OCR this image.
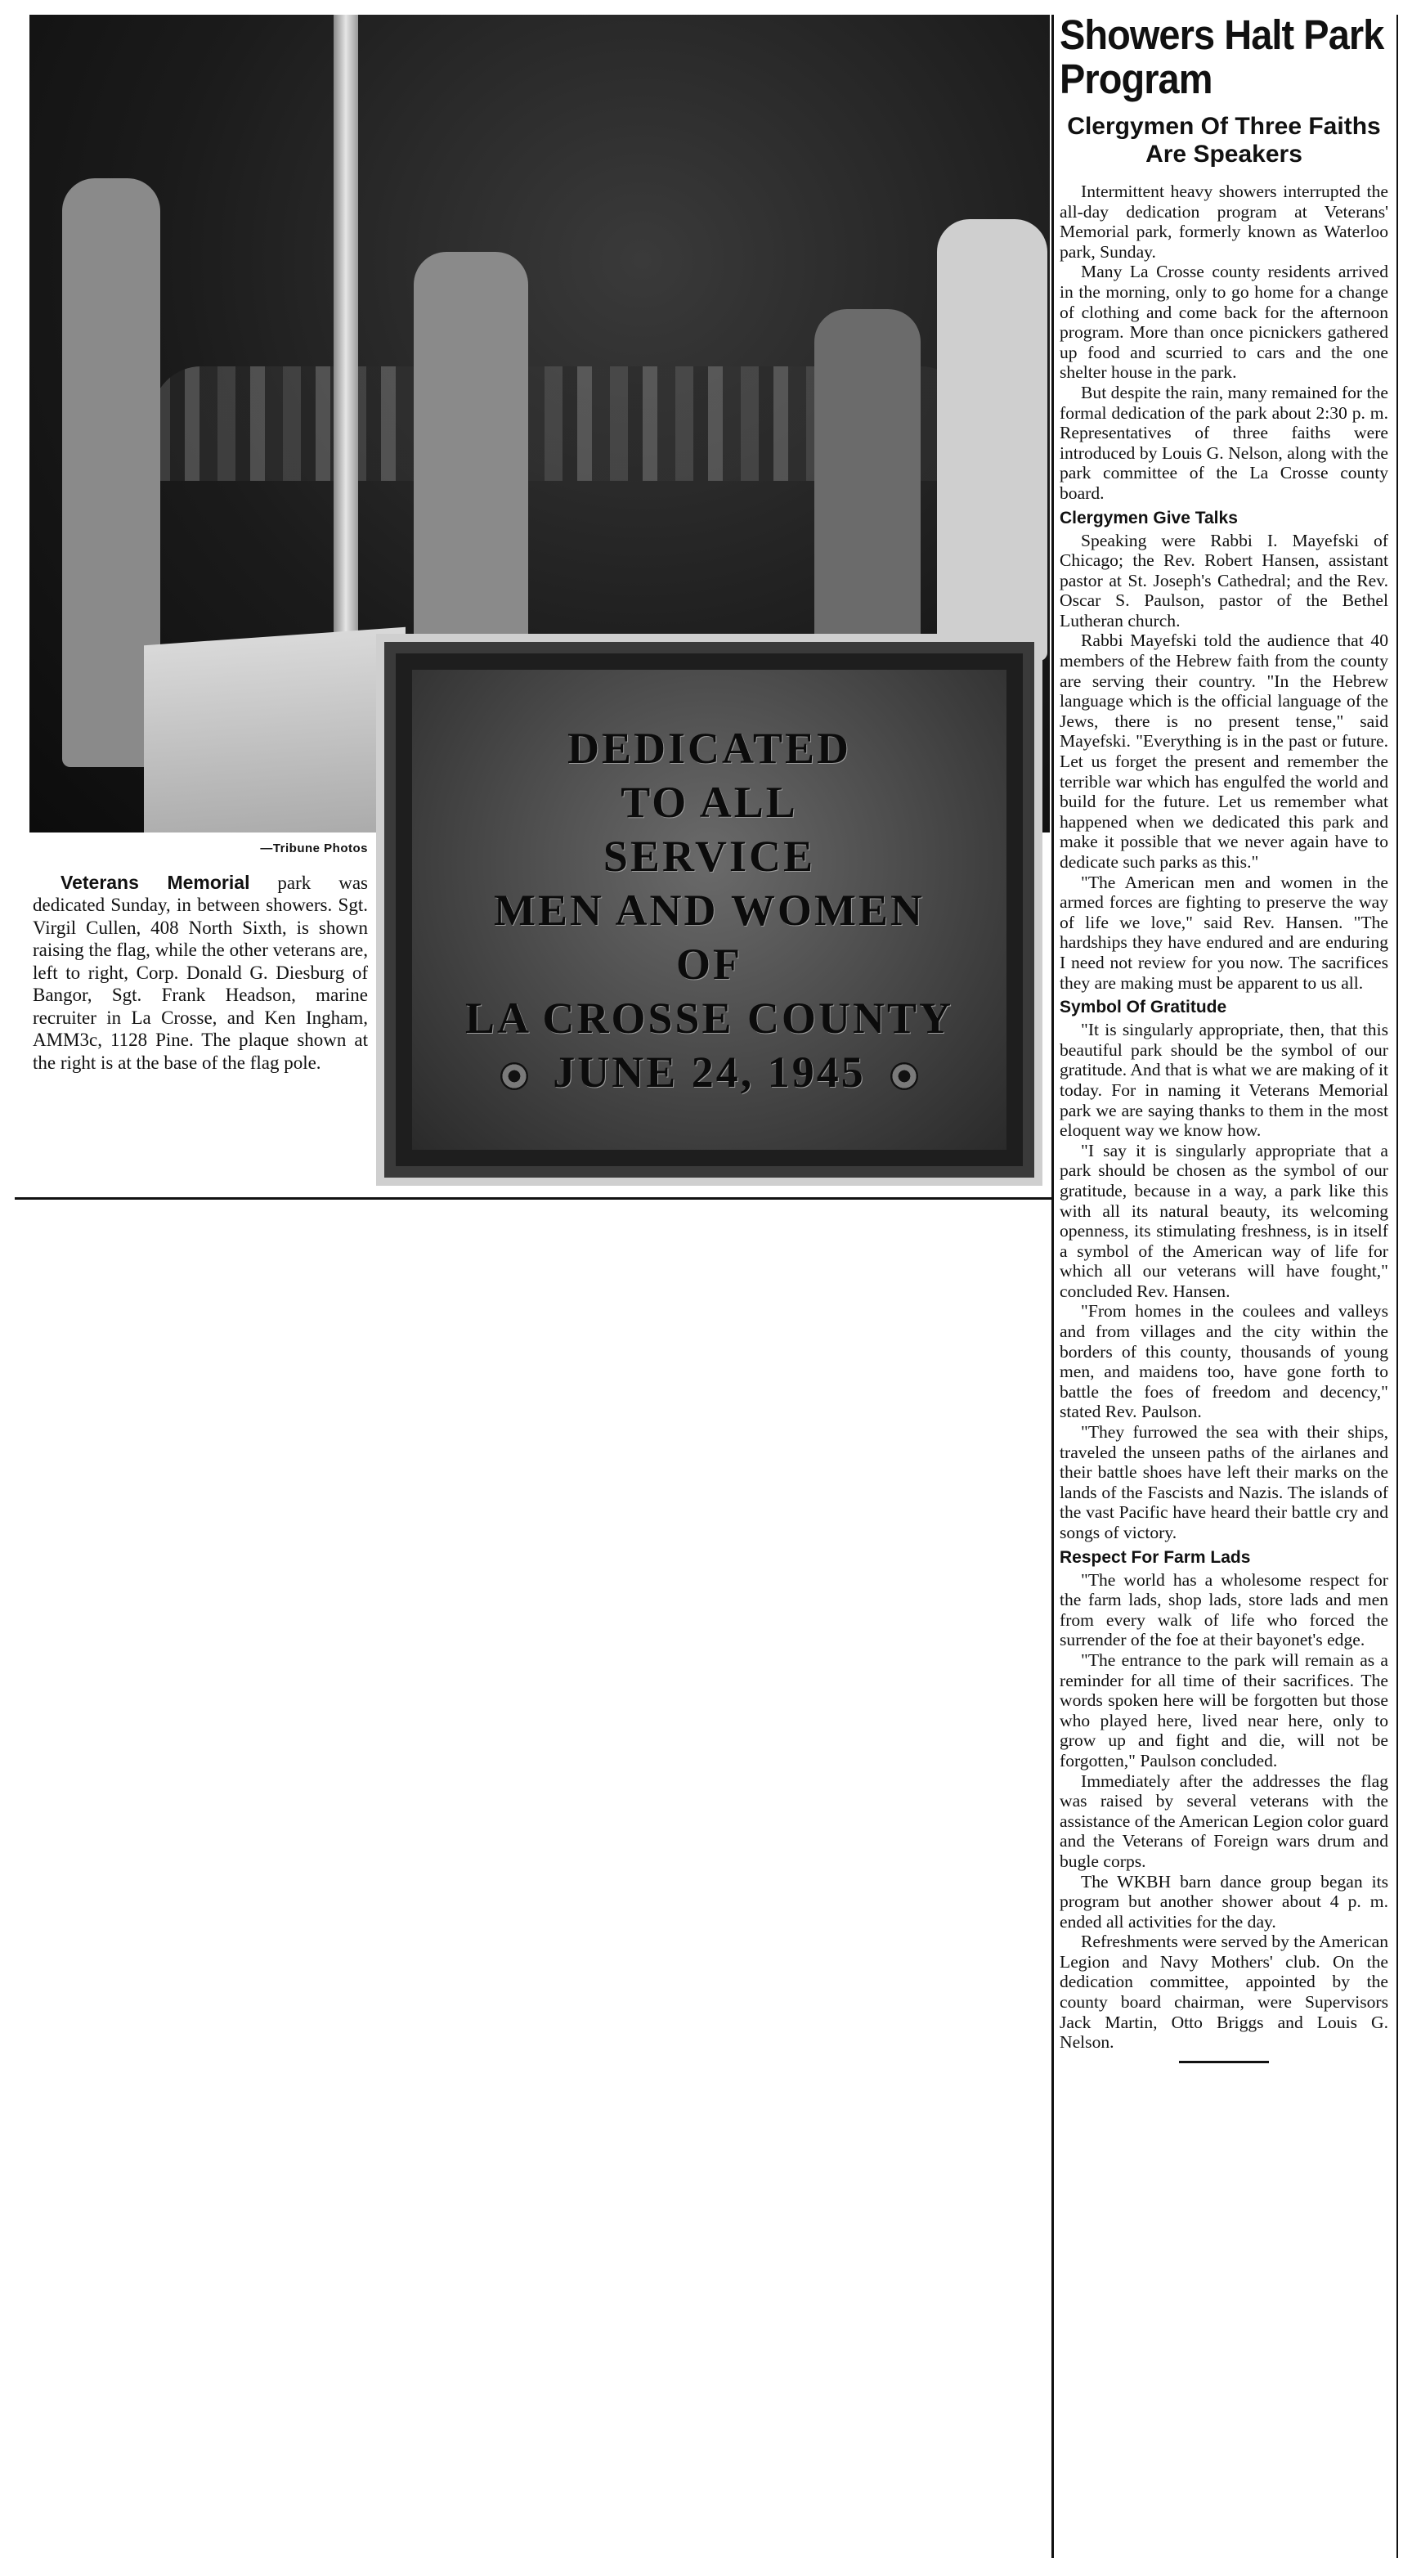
DEDICATED
TO ALL
SERVICE
MEN AND WOMEN
OF
LA CROSSE COUNTY
JUNE 24, 1945
—Tribune Photos

Veterans Memorial park was dedicated Sunday, in between showers. Sgt. Virgil Cullen, 408 North Sixth, is shown raising the flag, while the other veterans are, left to right, Corp. Donald G. Diesburg of Bangor, Sgt. Frank Headson, marine recruiter in La Crosse, and Ken Ingham, AMM3c, 1128 Pine. The plaque shown at the right is at the base of the flag pole.

Showers Halt Park Program
Clergymen Of Three Faiths Are Speakers

Intermittent heavy showers interrupted the all-day dedication program at Veterans' Memorial park, formerly known as Waterloo park, Sunday.

Many La Crosse county residents arrived in the morning, only to go home for a change of clothing and come back for the afternoon program. More than once picnickers gathered up food and scurried to cars and the one shelter house in the park.

But despite the rain, many remained for the formal dedication of the park about 2:30 p. m. Representatives of three faiths were introduced by Louis G. Nelson, along with the park committee of the La Crosse county board.

Clergymen Give Talks

Speaking were Rabbi I. Mayefski of Chicago; the Rev. Robert Hansen, assistant pastor at St. Joseph's Cathedral; and the Rev. Oscar S. Paulson, pastor of the Bethel Lutheran church.

Rabbi Mayefski told the audience that 40 members of the Hebrew faith from the county are serving their country. "In the Hebrew language which is the official language of the Jews, there is no present tense," said Mayefski. "Everything is in the past or future. Let us forget the present and remember the terrible war which has engulfed the world and build for the future. Let us remember what happened when we dedicated this park and make it possible that we never again have to dedicate such parks as this."

"The American men and women in the armed forces are fighting to preserve the way of life we love," said Rev. Hansen. "The hardships they have endured and are enduring I need not review for you now. The sacrifices they are making must be apparent to us all.

Symbol Of Gratitude

"It is singularly appropriate, then, that this beautiful park should be the symbol of our gratitude. And that is what we are making of it today. For in naming it Veterans Memorial park we are saying thanks to them in the most eloquent way we know how.

"I say it is singularly appropriate that a park should be chosen as the symbol of our gratitude, because in a way, a park like this with all its natural beauty, its welcoming openness, its stimulating freshness, is in itself a symbol of the American way of life for which all our veterans will have fought," concluded Rev. Hansen.

"From homes in the coulees and valleys and from villages and the city within the borders of this county, thousands of young men, and maidens too, have gone forth to battle the foes of freedom and decency," stated Rev. Paulson.

"They furrowed the sea with their ships, traveled the unseen paths of the airlanes and their battle shoes have left their marks on the lands of the Fascists and Nazis. The islands of the vast Pacific have heard their battle cry and songs of victory.

Respect For Farm Lads

"The world has a wholesome respect for the farm lads, shop lads, store lads and men from every walk of life who forced the surrender of the foe at their bayonet's edge.

"The entrance to the park will remain as a reminder for all time of their sacrifices. The words spoken here will be forgotten but those who played here, lived near here, only to grow up and fight and die, will not be forgotten," Paulson concluded.

Immediately after the addresses the flag was raised by several veterans with the assistance of the American Legion color guard and the Veterans of Foreign wars drum and bugle corps.

The WKBH barn dance group began its program but another shower about 4 p. m. ended all activities for the day.

Refreshments were served by the American Legion and Navy Mothers' club. On the dedication committee, appointed by the county board chairman, were Supervisors Jack Martin, Otto Briggs and Louis G. Nelson.
